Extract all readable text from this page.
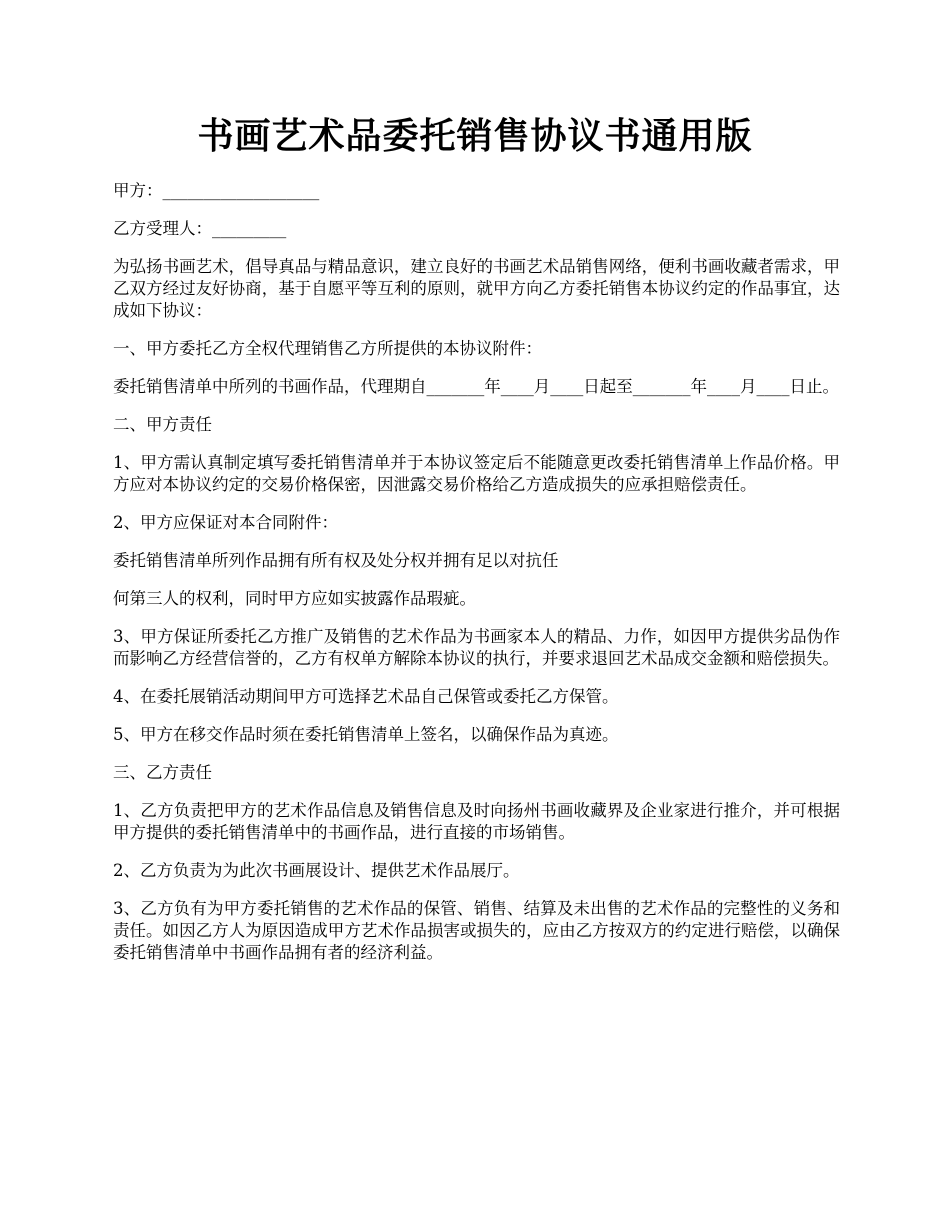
书画艺术品委托销售协议书通用版

甲方：___________________

乙方受理人：_________

为弘扬书画艺术，倡导真品与精品意识，建立良好的书画艺术品销售网络，便利书画收藏者需求，甲乙双方经过友好协商，基于自愿平等互利的原则，就甲方向乙方委托销售本协议约定的作品事宜，达成如下协议：

一、甲方委托乙方全权代理销售乙方所提供的本协议附件：

委托销售清单中所列的书画作品，代理期自_______年____月____日起至_______年____月____日止。

二、甲方责任

1、甲方需认真制定填写委托销售清单并于本协议签定后不能随意更改委托销售清单上作品价格。甲方应对本协议约定的交易价格保密，因泄露交易价格给乙方造成损失的应承担赔偿责任。

2、甲方应保证对本合同附件：

委托销售清单所列作品拥有所有权及处分权并拥有足以对抗任

何第三人的权利，同时甲方应如实披露作品瑕疵。

3、甲方保证所委托乙方推广及销售的艺术作品为书画家本人的精品、力作，如因甲方提供劣品伪作而影响乙方经营信誉的，乙方有权单方解除本协议的执行，并要求退回艺术品成交金额和赔偿损失。

4、在委托展销活动期间甲方可选择艺术品自己保管或委托乙方保管。

5、甲方在移交作品时须在委托销售清单上签名，以确保作品为真迹。

三、乙方责任

1、乙方负责把甲方的艺术作品信息及销售信息及时向扬州书画收藏界及企业家进行推介，并可根据甲方提供的委托销售清单中的书画作品，进行直接的市场销售。

2、乙方负责为为此次书画展设计、提供艺术作品展厅。

3、乙方负有为甲方委托销售的艺术作品的保管、销售、结算及未出售的艺术作品的完整性的义务和责任。如因乙方人为原因造成甲方艺术作品损害或损失的，应由乙方按双方的约定进行赔偿，以确保委托销售清单中书画作品拥有者的经济利益。
